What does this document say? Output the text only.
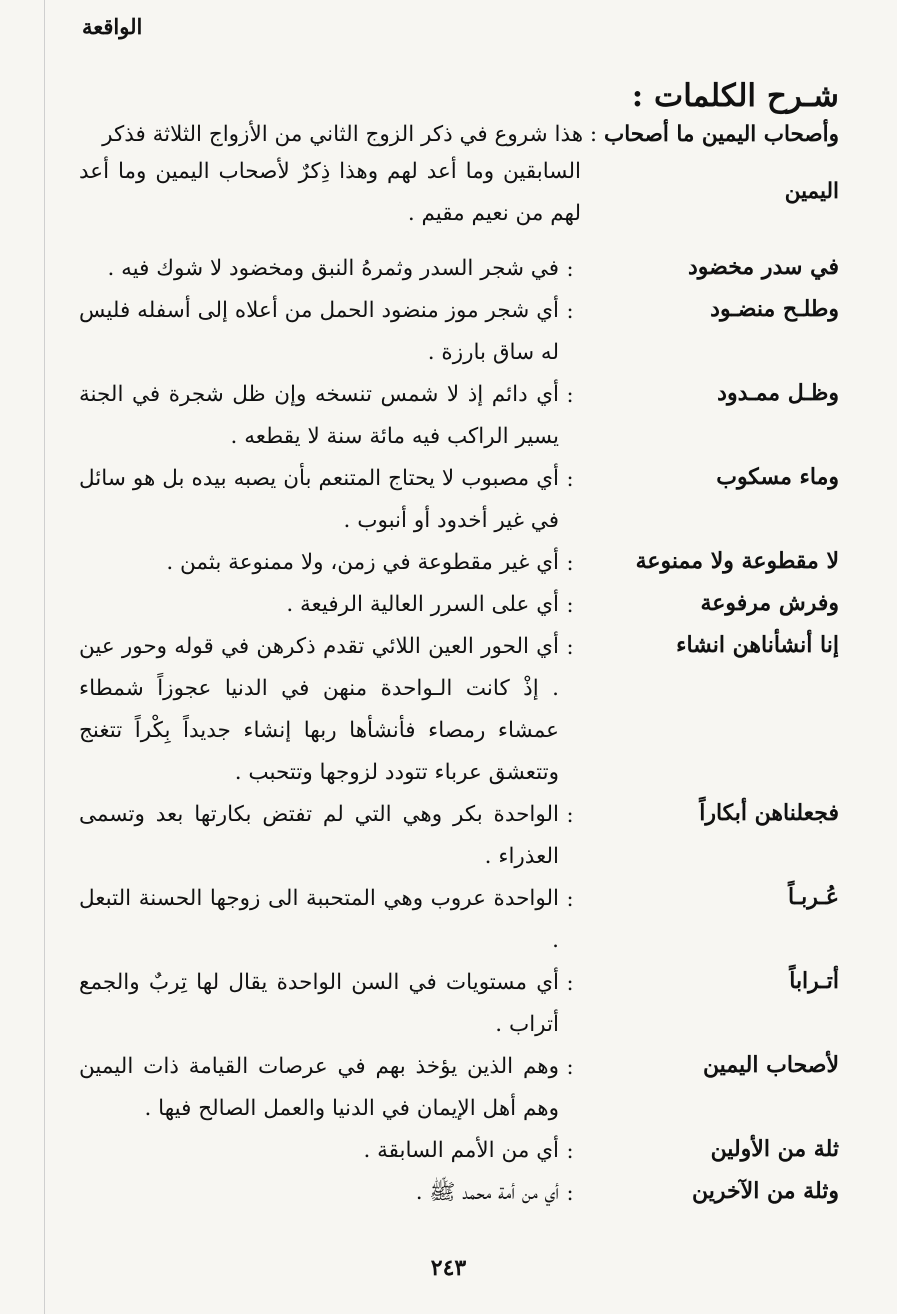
الواقعة
شـرح الكلمات :
وأصحاب اليمين ما أصحاب : هذا شروع في ذكر الزوج الثاني من الأزواج الثلاثة فذكر
اليمين
السابقين وما أعد لهم وهذا ذِكرٌ لأصحاب اليمين وما أعد لهم من نعيم مقيم .
في سدر مخضود
:
في شجر السدر وثمرهُ النبق ومخضود لا شوك فيه .
وطلـح منضـود
:
أي شجر موز منضود الحمل من أعلاه إلى أسفله فليس له ساق بارزة .
وظـل ممـدود
:
أي دائم إذ لا شمس تنسخه وإن ظل شجرة في الجنة يسير الراكب فيه مائة سنة لا يقطعه .
وماء مسكوب
:
أي مصبوب لا يحتاج المتنعم بأن يصبه بيده بل هو سائل في غير أخدود أو أنبوب .
لا مقطوعة ولا ممنوعة
:
أي غير مقطوعة في زمن، ولا ممنوعة بثمن .
وفرش مرفوعة
:
أي على السرر العالية الرفيعة .
إنا أنشأناهن انشاء
:
أي الحور العين اللائي تقدم ذكرهن في قوله وحور عين . إذْ كانت الـواحدة منهن في الدنيا عجوزاً شمطاء عمشاء رمصاء فأنشأها ربها إنشاء جديداً بِكْراً تتغنج وتتعشق عرباء تتودد لزوجها وتتحبب .
فجعلناهن أبكاراً
:
الواحدة بكر وهي التي لم تفتض بكارتها بعد وتسمى العذراء .
عُـربـاً
:
الواحدة عروب وهي المتحببة الى زوجها الحسنة التبعل .
أتـراباً
:
أي مستويات في السن الواحدة يقال لها تِربٌ والجمع أتراب .
لأصحاب اليمين
:
وهم الذين يؤخذ بهم في عرصات القيامة ذات اليمين وهم أهل الإيمان في الدنيا والعمل الصالح فيها .
ثلة من الأولين
:
أي من الأمم السابقة .
وثلة من الآخرين
:
أي من أمة محمد ﷺ .
٢٤٣
